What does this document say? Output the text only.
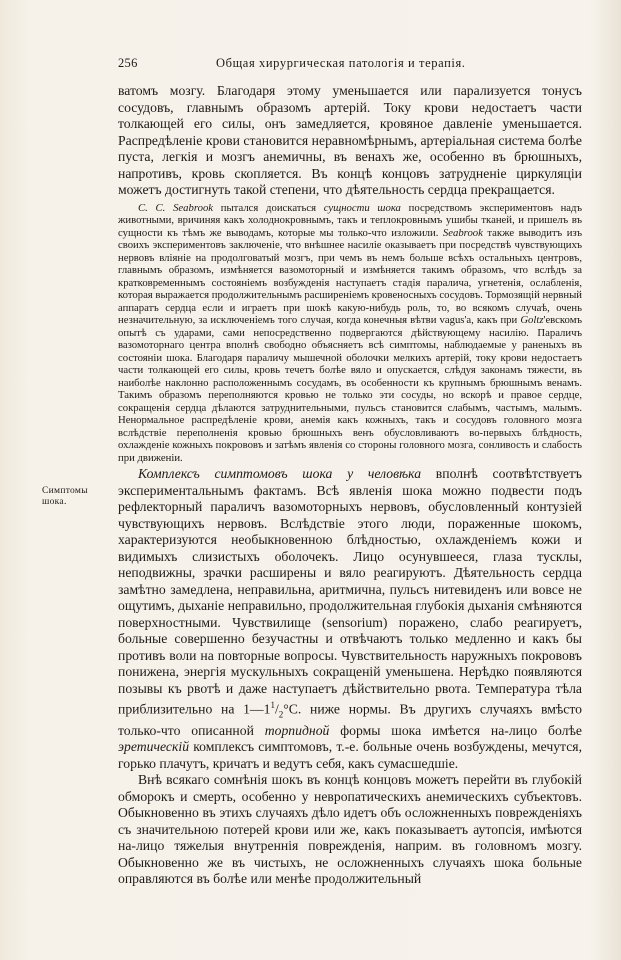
256	Общая хирургическая патологія и терапія.
Симптомы
шока.

ватомъ мозгу. Благодаря этому уменьшается или парализуется тонусъ сосудовъ, главнымъ образомъ артерій. Току крови недостаетъ части толкающей его силы, онъ замедляется, кровяное давленіе уменьшается. Распредѣленіе крови становится неравномѣрнымъ, артеріальная система болѣе пуста, легкія и мозгъ анемичны, въ венахъ же, особенно въ брюшныхъ, напротивъ, кровь скопляется. Въ концѣ концовъ затрудненіе циркуляціи можетъ достигнуть такой степени, что дѣятельность сердца прекращается.

С. С. Seabrook пытался доискаться сущности шока посредствомъ экспериментовъ надъ животными, вричиняя какъ холоднокровнымъ, такъ и теплокровнымъ ушибы тканей, и пришелъ въ сущности къ тѣмъ же выводамъ, которые мы только-что изложили. Seabrook также выводитъ изъ своихъ экспериментовъ заключеніе, что внѣшнее насиліе оказываетъ при посредствѣ чувствующихъ нервовъ вліяніе на продолговатый мозгъ, при чемъ въ немъ больше всѣхъ остальныхъ центровъ, главнымъ образомъ, измѣняется вазомоторный и измѣняется такимъ образомъ, что вслѣдъ за кратковременнымъ состояніемъ возбужденія наступаетъ стадія паралича, угнетенія, ослабленія, которая выражается продолжительнымъ расширеніемъ кровеносныхъ сосудовъ. Тормозящій нервный аппаратъ сердца если и играетъ при шокѣ какую-нибудь роль, то, во всякомъ случаѣ, очень незначительную, за исключеніемъ того случая, когда конечныя вѣтви vagus'а, какъ при Goltz'евскомъ опытѣ съ ударами, сами непосредственно подвергаются дѣйствующему насилію. Параличъ вазомоторнаго центра вполнѣ свободно объясняетъ всѣ симптомы, наблюдаемые у раненыхъ въ состояніи шока. Благодаря параличу мышечной оболочки мелкихъ артерій, току крови недостаетъ части толкающей его силы, кровь течетъ болѣе вяло и опускается, слѣдуя законамъ тяжести, въ наиболѣе наклонно расположеннымъ сосудамъ, въ особенности къ крупнымъ брюшнымъ венамъ. Такимъ образомъ переполняются кровью не только эти сосуды, но вскорѣ и правое сердце, сокращенія сердца дѣлаются затруднительными, пульсъ становится слабымъ, частымъ, малымъ. Ненормальное распредѣленіе крови, анемія какъ кожныхъ, такъ и сосудовъ головного мозга вслѣдствіе переполненія кровью брюшныхъ венъ обусловливаютъ во-первыхъ блѣдность, охлажденіе кожныхъ покрововъ и затѣмъ явленія со стороны головного мозга, сонливость и слабость при движеніи.

Комплексъ симптомовъ шока у человѣка вполнѣ соотвѣтствуетъ экспериментальнымъ фактамъ. Всѣ явленія шока можно подвести подъ рефлекторный параличъ вазомоторныхъ нервовъ, обусловленный контузіей чувствующихъ нервовъ. Вслѣдствіе этого люди, пораженные шокомъ, характеризуются необыкновенною блѣдностью, охлажденіемъ кожи и видимыхъ слизистыхъ оболочекъ. Лицо осунувшееся, глаза тусклы, неподвижны, зрачки расширены и вяло реагируютъ. Дѣятельность сердца замѣтно замедлена, неправильна, аритмична, пульсъ нитевиденъ или вовсе не ощутимъ, дыханіе неправильно, продолжительная глубокія дыханія смѣняются поверхностными. Чувствилище (sensorium) поражено, слабо реагируетъ, больные совершенно безучастны и отвѣчаютъ только медленно и какъ бы противъ воли на повторные вопросы. Чувствительность наружныхъ покрововъ понижена, энергія мускульныхъ сокращеній уменьшена. Нерѣдко появляются позывы къ рвотѣ и даже наступаетъ дѣйствительно рвота. Температура тѣла приблизительно на $1—1^1/_2^\circ С$. ниже нормы. Въ другихъ случаяхъ вмѣсто только-что описанной торпидной формы шока имѣется на-лицо болѣе эретическій комплексъ симптомовъ, т.-е. больные очень возбуждены, мечутся, горько плачутъ, кричатъ и ведутъ себя, какъ сумасшедшіе.

Внѣ всякаго сомнѣнія шокъ въ концѣ концовъ можетъ перейти въ глубокій обморокъ и смерть, особенно у невропатическихъ анемическихъ субъектовъ. Обыкновенно въ этихъ случаяхъ дѣло идетъ объ осложненныхъ поврежденіяхъ съ значительною потерей крови или же, какъ показываетъ аутопсія, имѣются на-лицо тяжелыя внутреннія поврежденія, наприм. въ головномъ мозгу. Обыкновенно же въ чистыхъ, не осложненныхъ случаяхъ шока больные оправляются въ болѣе или менѣе продолжительный
